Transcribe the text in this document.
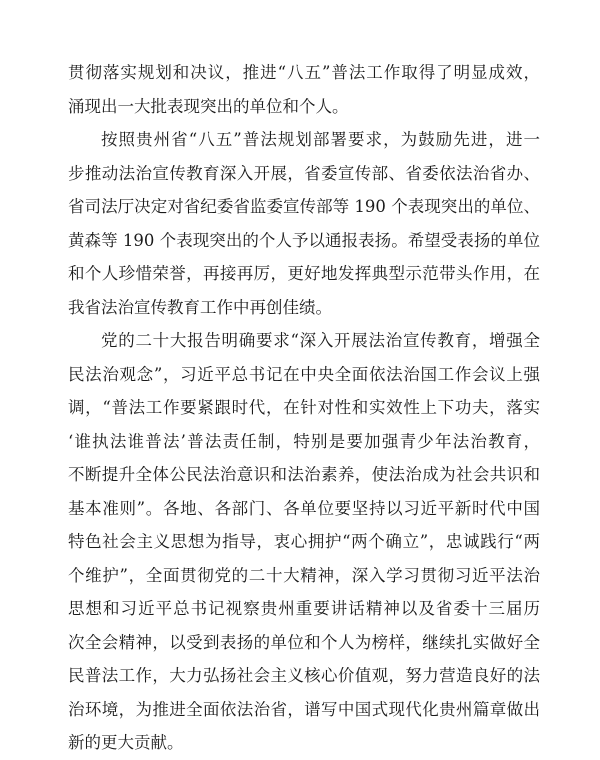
贯彻落实规划和决议，推进“八五”普法工作取得了明显成效，
涌现出一大批表现突出的单位和个人。
按照贵州省“八五”普法规划部署要求，为鼓励先进，进一
步推动法治宣传教育深入开展，省委宣传部、省委依法治省办、
省司法厅决定对省纪委省监委宣传部等 190 个表现突出的单位、
黄森等 190 个表现突出的个人予以通报表扬。希望受表扬的单位
和个人珍惜荣誉，再接再厉，更好地发挥典型示范带头作用，在
我省法治宣传教育工作中再创佳绩。
党的二十大报告明确要求“深入开展法治宣传教育，增强全
民法治观念”，习近平总书记在中央全面依法治国工作会议上强
调，“普法工作要紧跟时代，在针对性和实效性上下功夫，落实
‘谁执法谁普法’普法责任制，特别是要加强青少年法治教育，
不断提升全体公民法治意识和法治素养，使法治成为社会共识和
基本准则”。各地、各部门、各单位要坚持以习近平新时代中国
特色社会主义思想为指导，衷心拥护“两个确立”，忠诚践行“两
个维护”，全面贯彻党的二十大精神，深入学习贯彻习近平法治
思想和习近平总书记视察贵州重要讲话精神以及省委十三届历
次全会精神，以受到表扬的单位和个人为榜样，继续扎实做好全
民普法工作，大力弘扬社会主义核心价值观，努力营造良好的法
治环境，为推进全面依法治省，谱写中国式现代化贵州篇章做出
新的更大贡献。
